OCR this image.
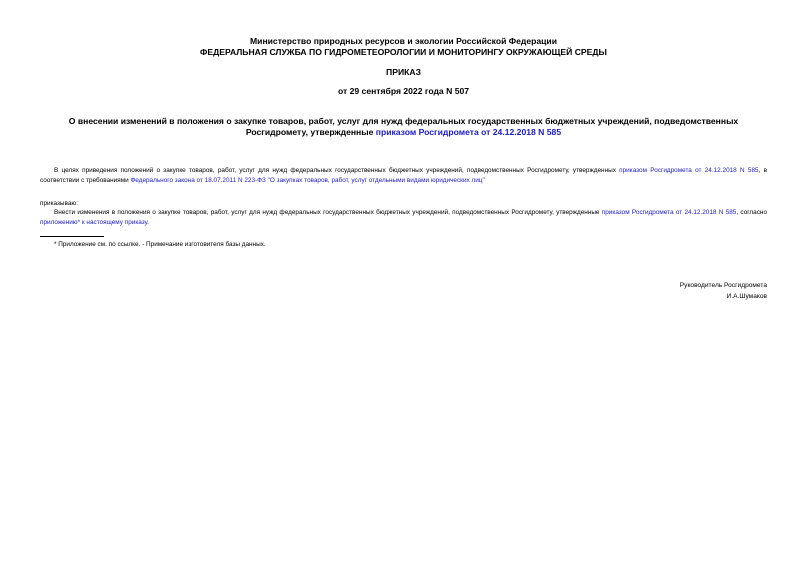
Министерство природных ресурсов и экологии Российской Федерации
ФЕДЕРАЛЬНАЯ СЛУЖБА ПО ГИДРОМЕТЕОРОЛОГИИ И МОНИТОРИНГУ ОКРУЖАЮЩЕЙ СРЕДЫ
ПРИКАЗ
от 29 сентября 2022 года N 507
О внесении изменений в положения о закупке товаров, работ, услуг для нужд федеральных государственных бюджетных учреждений, подведомственных
Росгидромету, утвержденные приказом Росгидромета от 24.12.2018 N 585
В целях приведения положений о закупке товаров, работ, услуг для нужд федеральных государственных бюджетных учреждений, подведомственных Росгидромету, утвержденных приказом Росгидромета от 24.12.2018 N 585, в соответствии с требованиями Федерального закона от 18.07.2011 N 223-ФЗ "О закупках товаров, работ, услуг отдельными видами юридических лиц"
приказываю:
Внести изменения в положения о закупке товаров, работ, услуг для нужд федеральных государственных бюджетных учреждений, подведомственных Росгидромету, утвержденные приказом Росгидромета от 24.12.2018 N 585, согласно приложению* к настоящему приказу.
* Приложение см. по ссылке. - Примечание изготовителя базы данных.
Руководитель Росгидромета
И.А.Шумаков
